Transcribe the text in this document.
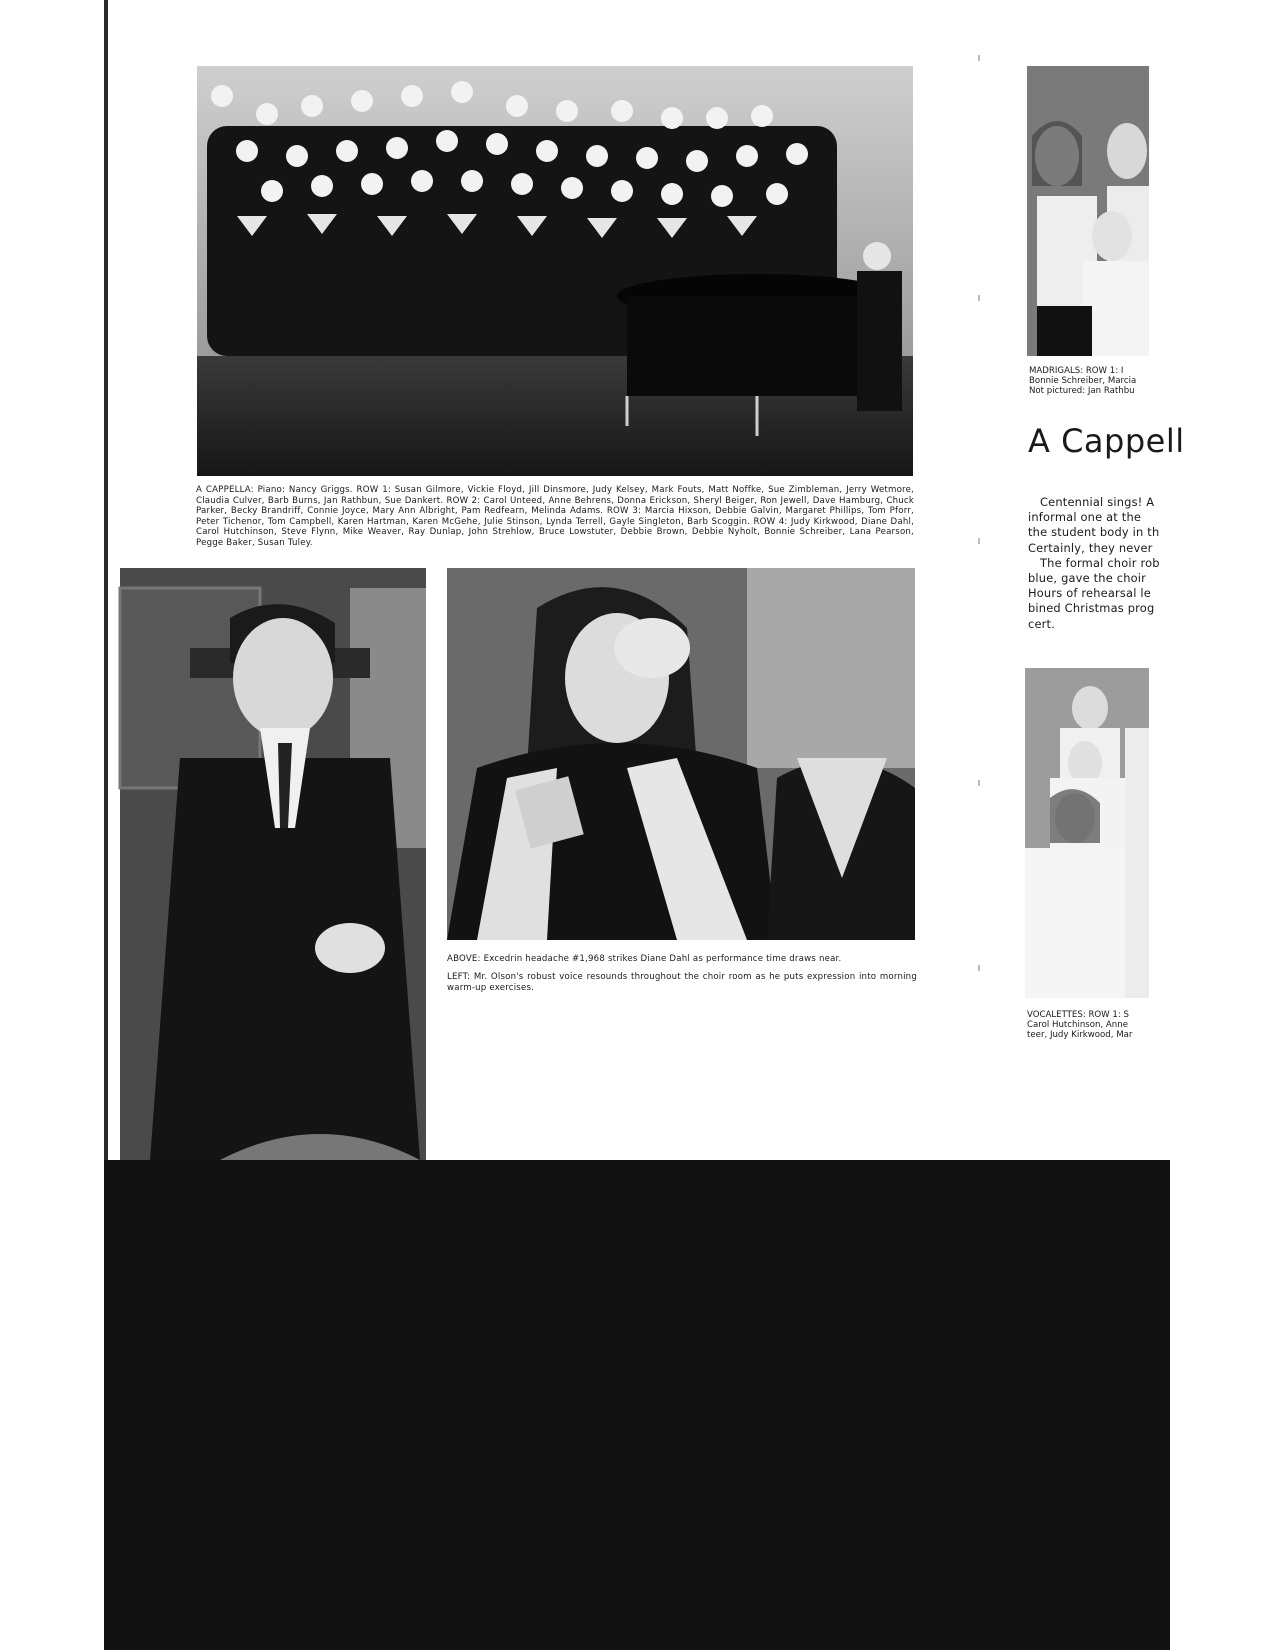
A CAPPELLA: Piano: Nancy Griggs. ROW 1: Susan Gilmore, Vickie Floyd, Jill Dinsmore, Judy Kelsey, Mark Fouts, Matt Noffke, Sue Zimbleman, Jerry Wetmore, Claudia Culver, Barb Burns, Jan Rathbun, Sue Dankert. ROW 2: Carol Unteed, Anne Behrens, Donna Erickson, Sheryl Beiger, Ron Jewell, Dave Hamburg, Chuck Parker, Becky Brandriff, Connie Joyce, Mary Ann Albright, Pam Redfearn, Melinda Adams. ROW 3: Marcia Hixson, Debbie Galvin, Margaret Phillips, Tom Pforr, Peter Tichenor, Tom Campbell, Karen Hartman, Karen McGehe, Julie Stinson, Lynda Terrell, Gayle Singleton, Barb Scoggin. ROW 4: Judy Kirkwood, Diane Dahl, Carol Hutchinson, Steve Flynn, Mike Weaver, Ray Dunlap, John Strehlow, Bruce Lowstuter, Debbie Brown, Debbie Nyholt, Bonnie Schreiber, Lana Pearson, Pegge Baker, Susan Tuley.
ABOVE: Excedrin headache #1,968 strikes Diane Dahl as performance time draws near.
LEFT: Mr. Olson's robust voice resounds throughout the choir room as he puts expression into morning warm-up exercises.
MADRIGALS: ROW 1: I
Bonnie Schreiber, Marcia
Not pictured: Jan Rathbu
A Cappell
Centennial sings! A
informal one at the
the student body in th
Certainly, they never
The formal choir rob
blue, gave the choir
Hours of rehearsal le
bined Christmas prog
cert.
VOCALETTES: ROW 1: S
Carol Hutchinson, Anne
teer, Judy Kirkwood, Mar
